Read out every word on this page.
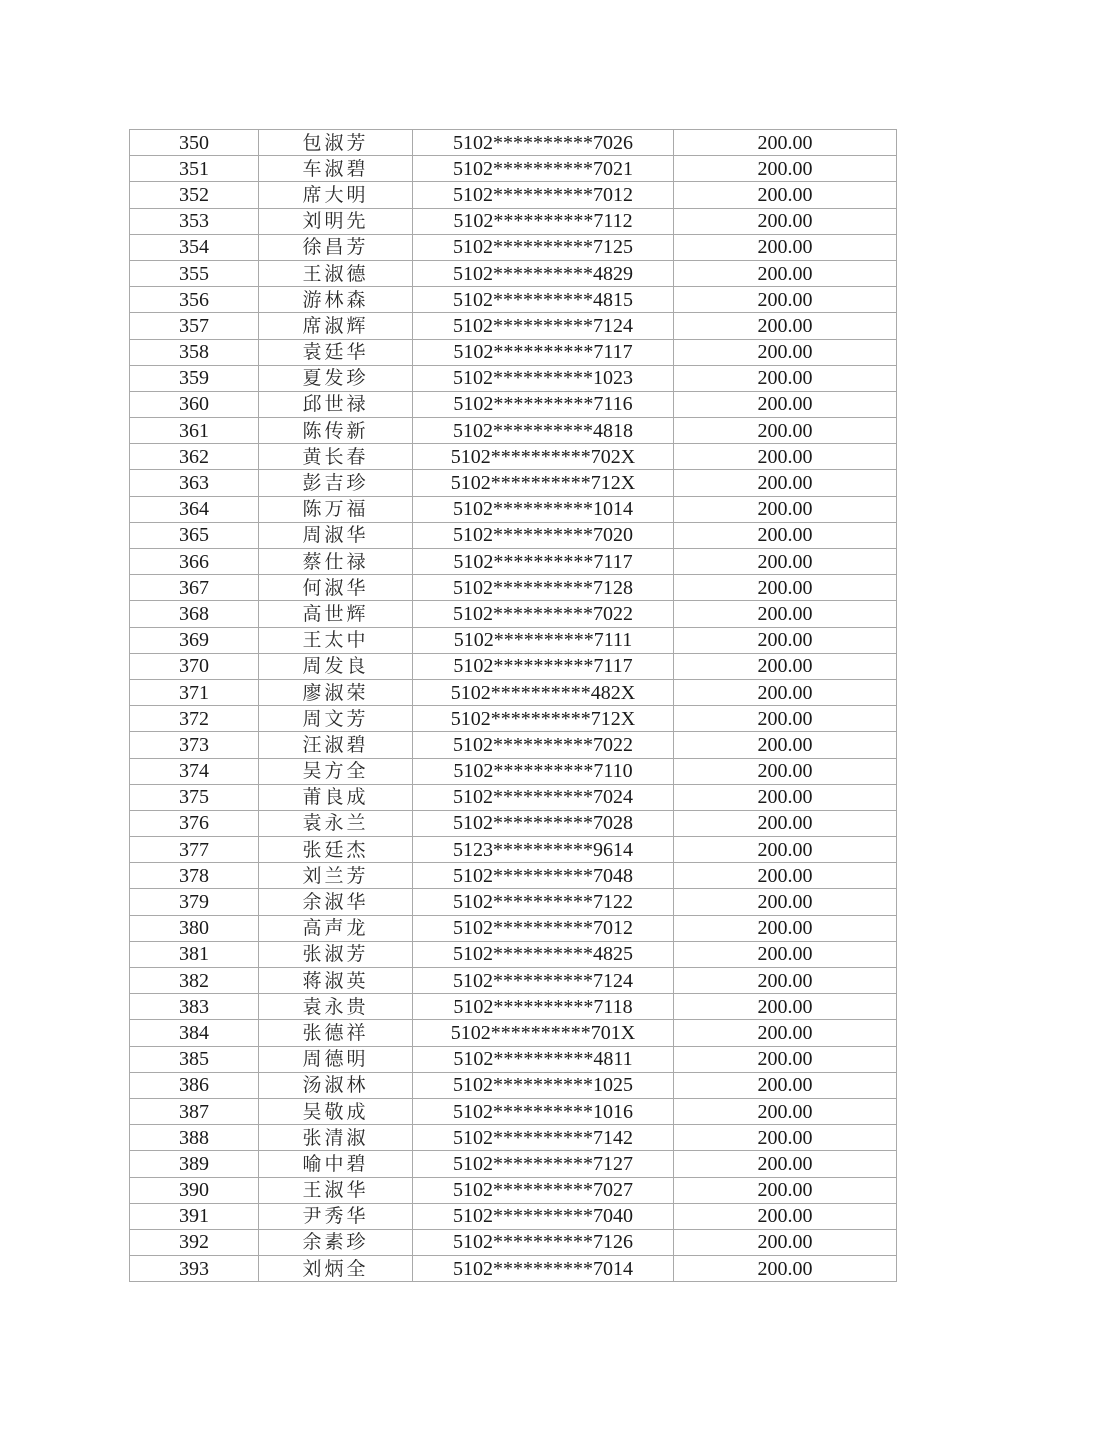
350	包淑芳	5102**********7026	200.00
351	车淑碧	5102**********7021	200.00
352	席大明	5102**********7012	200.00
353	刘明先	5102**********7112	200.00
354	徐昌芳	5102**********7125	200.00
355	王淑德	5102**********4829	200.00
356	游林森	5102**********4815	200.00
357	席淑辉	5102**********7124	200.00
358	袁廷华	5102**********7117	200.00
359	夏发珍	5102**********1023	200.00
360	邱世禄	5102**********7116	200.00
361	陈传新	5102**********4818	200.00
362	黄长春	5102**********702X	200.00
363	彭吉珍	5102**********712X	200.00
364	陈万福	5102**********1014	200.00
365	周淑华	5102**********7020	200.00
366	蔡仕禄	5102**********7117	200.00
367	何淑华	5102**********7128	200.00
368	高世辉	5102**********7022	200.00
369	王太中	5102**********7111	200.00
370	周发良	5102**********7117	200.00
371	廖淑荣	5102**********482X	200.00
372	周文芳	5102**********712X	200.00
373	汪淑碧	5102**********7022	200.00
374	吴方全	5102**********7110	200.00
375	莆良成	5102**********7024	200.00
376	袁永兰	5102**********7028	200.00
377	张廷杰	5123**********9614	200.00
378	刘兰芳	5102**********7048	200.00
379	余淑华	5102**********7122	200.00
380	高声龙	5102**********7012	200.00
381	张淑芳	5102**********4825	200.00
382	蒋淑英	5102**********7124	200.00
383	袁永贵	5102**********7118	200.00
384	张德祥	5102**********701X	200.00
385	周德明	5102**********4811	200.00
386	汤淑林	5102**********1025	200.00
387	吴敬成	5102**********1016	200.00
388	张清淑	5102**********7142	200.00
389	喻中碧	5102**********7127	200.00
390	王淑华	5102**********7027	200.00
391	尹秀华	5102**********7040	200.00
392	余素珍	5102**********7126	200.00
393	刘炳全	5102**********7014	200.00
